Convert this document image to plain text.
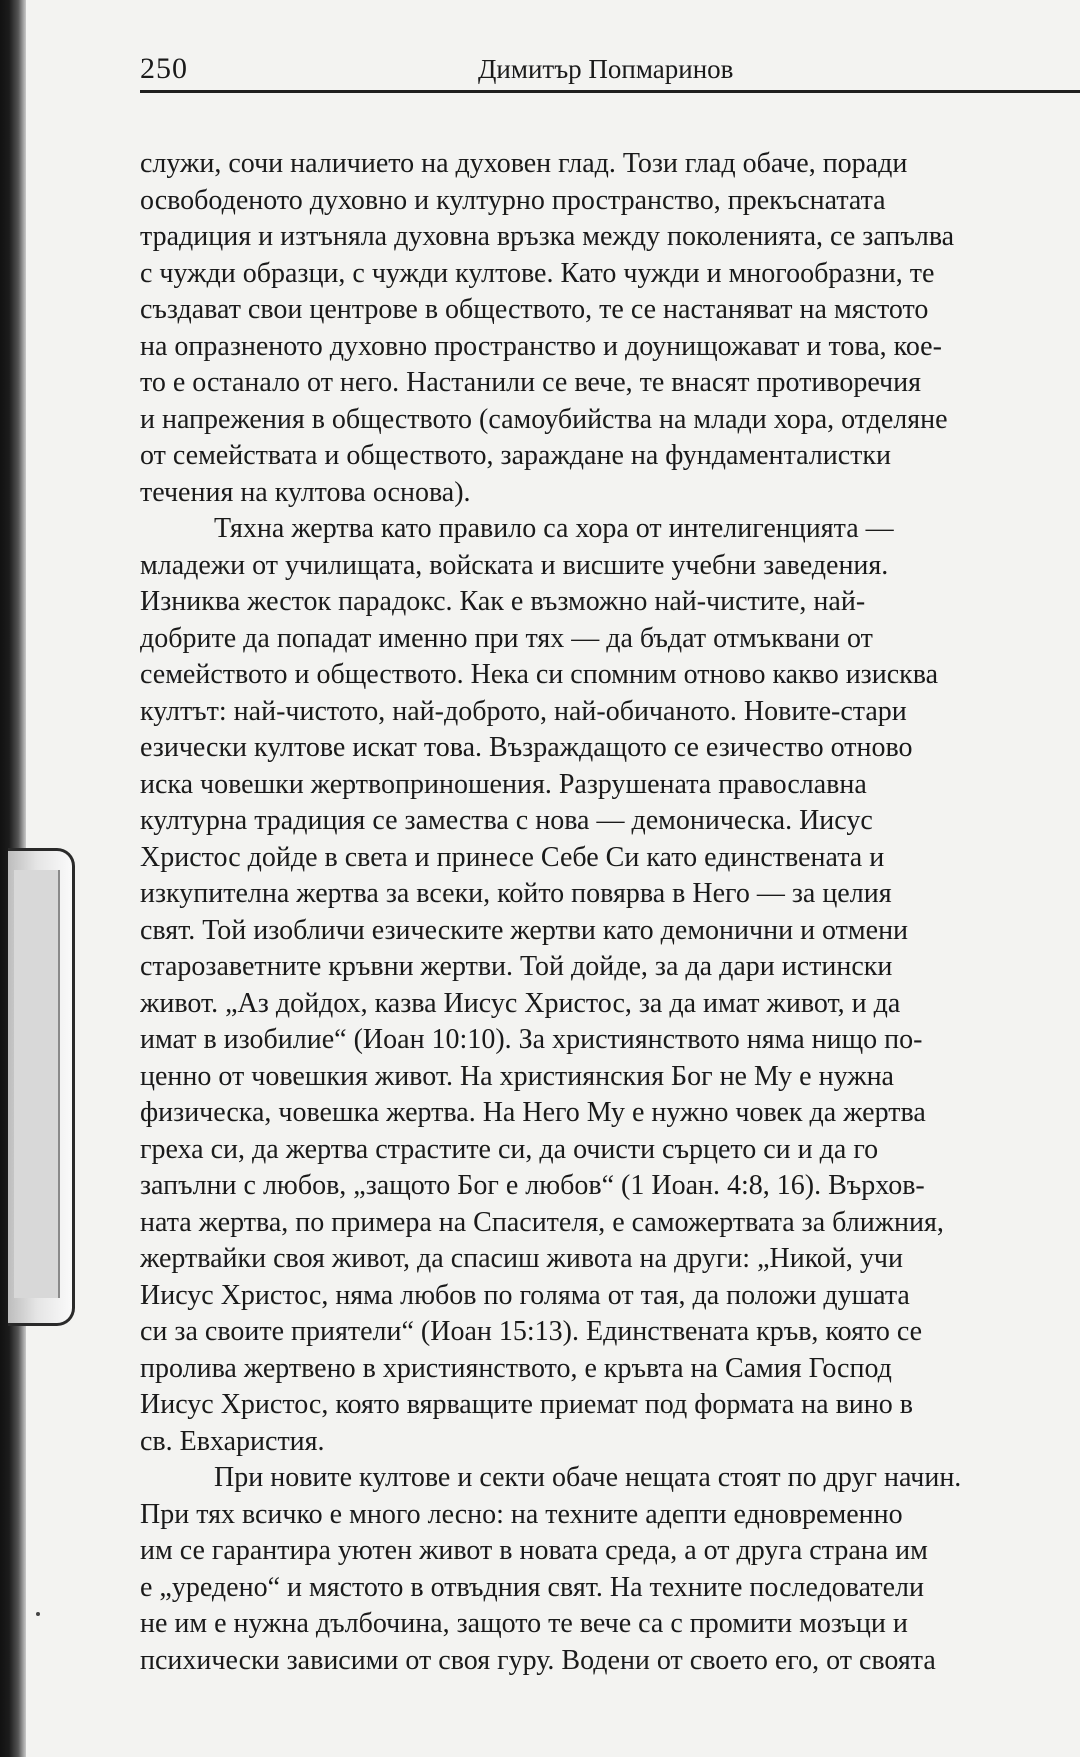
250	Димитър Попмаринов
служи, сочи наличието на духовен глад. Този глад обаче, поради
освободеното духовно и културно пространство, прекъснатата
традиция и изтъняла духовна връзка между поколенията, се запълва
с чужди образци, с чужди култове. Като чужди и многообразни, те
създават свои центрове в обществото, те се настаняват на мястото
на опразненото духовно пространство и доунищожават и това, кое-
то е останало от него. Настанили се вече, те внасят противоречия
и напрежения в обществото (самоубийства на млади хора, отделяне
от семействата и обществото, зараждане на фундаменталистки
течения на култова основа).
Тяхна жертва като правило са хора от интелигенцията —
младежи от училищата, войската и висшите учебни заведения.
Изниква жесток парадокс. Как е възможно най-чистите, най-
добрите да попадат именно при тях — да бъдат отмъквани от
семейството и обществото. Нека си спомним отново какво изисква
култът: най-чистото, най-доброто, най-обичаното. Новите-стари
езически култове искат това. Възраждащото се езичество отново
иска човешки жертвоприношения. Разрушената православна
културна традиция се замества с нова — демоническа. Иисус
Христос дойде в света и принесе Себе Си като единствената и
изкупителна жертва за всеки, който повярва в Него — за целия
свят. Той изобличи езическите жертви като демонични и отмени
старозаветните кръвни жертви. Той дойде, за да дари истински
живот. „Аз дойдох, казва Иисус Христос, за да имат живот, и да
имат в изобилие“ (Иоан 10:10). За християнството няма нищо по-
ценно от човешкия живот. На християнския Бог не Му е нужна
физическа, човешка жертва. На Него Му е нужно човек да жертва
греха си, да жертва страстите си, да очисти сърцето си и да го
запълни с любов, „защото Бог е любов“ (1 Иоан. 4:8, 16). Върхов-
ната жертва, по примера на Спасителя, е саможертвата за ближния,
жертвайки своя живот, да спасиш живота на други: „Никой, учи
Иисус Христос, няма любов по голяма от тая, да положи душата
си за своите приятели“ (Иоан 15:13). Единствената кръв, която се
пролива жертвено в християнството, е кръвта на Самия Господ
Иисус Христос, която вярващите приемат под формата на вино в
св. Евхаристия.
При новите култове и секти обаче нещата стоят по друг начин.
При тях всичко е много лесно: на техните адепти едновременно
им се гарантира уютен живот в новата среда, а от друга страна им
е „уредено“ и мястото в отвъдния свят. На техните последователи
не им е нужна дълбочина, защото те вече са с промити мозъци и
психически зависими от своя гуру. Водени от своето его, от своята
